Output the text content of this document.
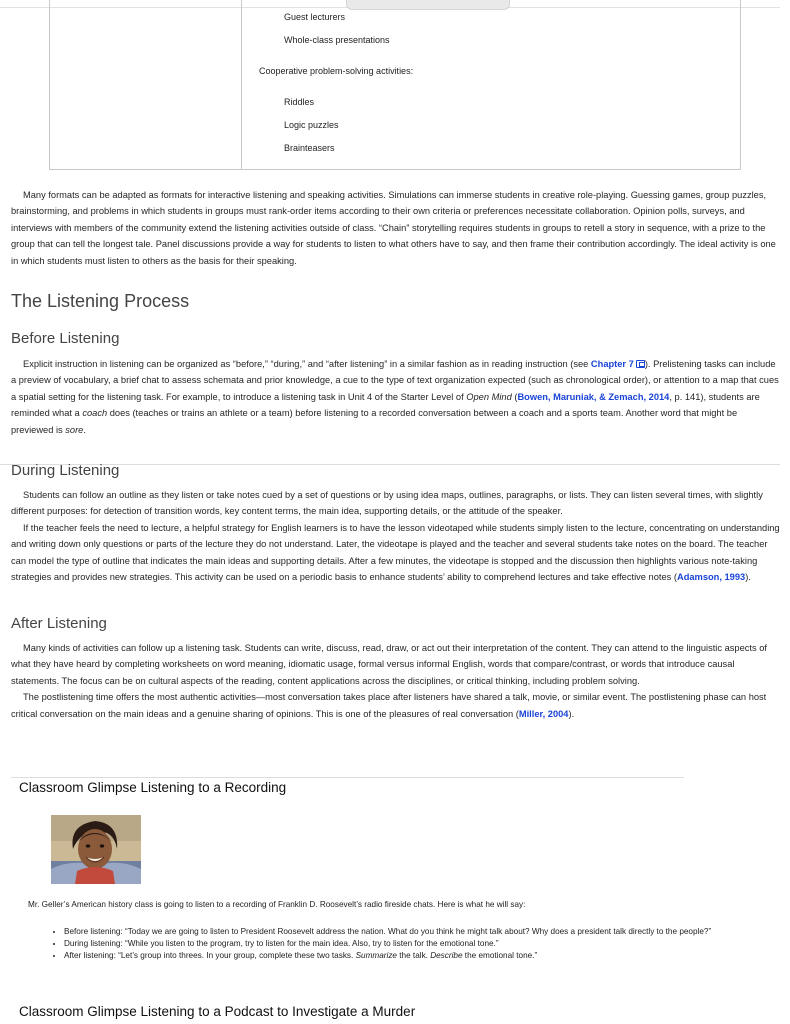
Guest lecturers
Whole-class presentations
Cooperative problem-solving activities:
Riddles
Logic puzzles
Brainteasers

Many formats can be adapted as formats for interactive listening and speaking activities. Simulations can immerse students in creative role-playing. Guessing games, group puzzles, brainstorming, and problems in which students in groups must rank-order items according to their own criteria or preferences necessitate collaboration. Opinion polls, surveys, and interviews with members of the community extend the listening activities outside of class. “Chain” storytelling requires students in groups to retell a story in sequence, with a prize to the group that can tell the longest tale. Panel discussions provide a way for students to listen to what others have to say, and then frame their contribution accordingly. The ideal activity is one in which students must listen to others as the basis for their speaking.

The Listening Process
Before Listening

Explicit instruction in listening can be organized as “before,” “during,” and “after listening” in a similar fashion as in reading instruction (see Chapter 7 ). Prelistening tasks can include a preview of vocabulary, a brief chat to assess schemata and prior knowledge, a cue to the type of text organization expected (such as chronological order), or attention to a map that cues a spatial setting for the listening task. For example, to introduce a listening task in Unit 4 of the Starter Level of Open Mind (Bowen, Maruniak, & Zemach, 2014, p. 141), students are reminded what a coach does (teaches or trains an athlete or a team) before listening to a recorded conversation between a coach and a sports team. Another word that might be previewed is sore.

During Listening

Students can follow an outline as they listen or take notes cued by a set of questions or by using idea maps, outlines, paragraphs, or lists. They can listen several times, with slightly different purposes: for detection of transition words, key content terms, the main idea, supporting details, or the attitude of the speaker.
If the teacher feels the need to lecture, a helpful strategy for English learners is to have the lesson videotaped while students simply listen to the lecture, concentrating on understanding and writing down only questions or parts of the lecture they do not understand. Later, the videotape is played and the teacher and several students take notes on the board. The teacher can model the type of outline that indicates the main ideas and supporting details. After a few minutes, the videotape is stopped and the discussion then highlights various note-taking strategies and provides new strategies. This activity can be used on a periodic basis to enhance students’ ability to comprehend lectures and take effective notes (Adamson, 1993).

After Listening

Many kinds of activities can follow up a listening task. Students can write, discuss, read, draw, or act out their interpretation of the content. They can attend to the linguistic aspects of what they have heard by completing worksheets on word meaning, idiomatic usage, formal versus informal English, words that compare/contrast, or words that introduce causal statements. The focus can be on cultural aspects of the reading, content applications across the disciplines, or critical thinking, including problem solving.
The postlistening time offers the most authentic activities—most conversation takes place after listeners have shared a talk, movie, or similar event. The postlistening phase can host critical conversation on the main ideas and a genuine sharing of opinions. This is one of the pleasures of real conversation (Miller, 2004).

Classroom Glimpse Listening to a Recording
Mr. Geller’s American history class is going to listen to a recording of Franklin D. Roosevelt’s radio fireside chats. Here is what he will say:
• Before listening: “Today we are going to listen to President Roosevelt address the nation. What do you think he might talk about? Why does a president talk directly to the people?”
• During listening: “While you listen to the program, try to listen for the main idea. Also, try to listen for the emotional tone.”
• After listening: “Let’s group into threes. In your group, complete these two tasks. Summarize the talk. Describe the emotional tone.”
Classroom Glimpse Listening to a Podcast to Investigate a Murder
